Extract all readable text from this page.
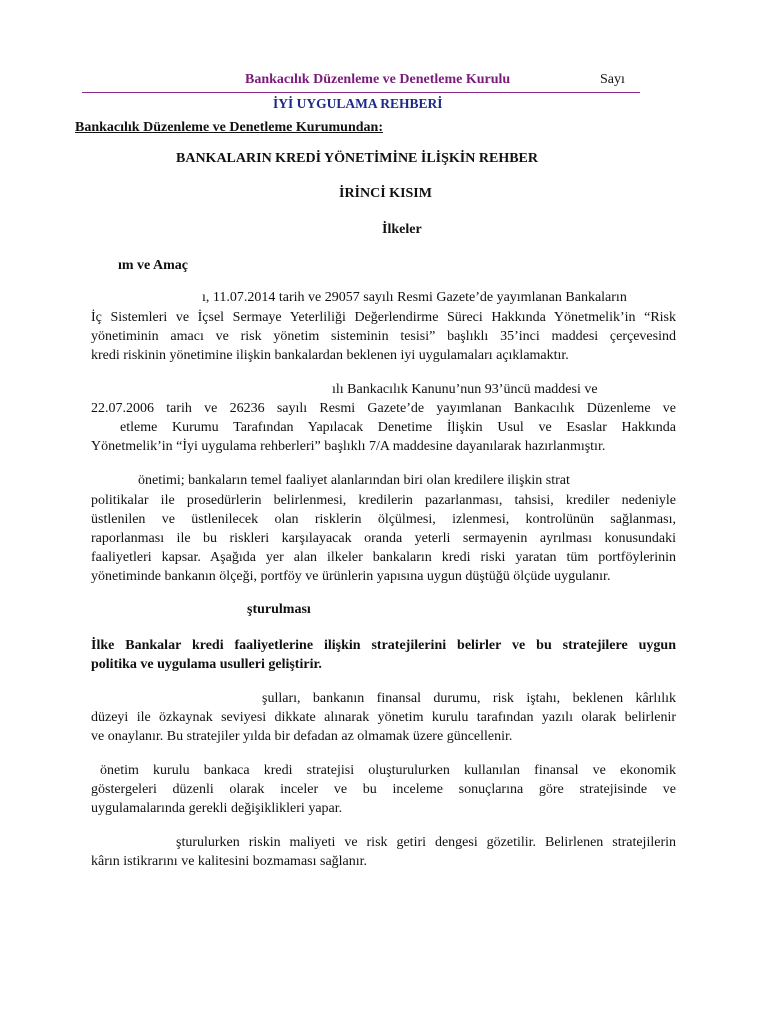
Bankacılık Düzenleme ve Denetleme Kurulu	Sayı
İYİ UYGULAMA REHBERİ
Bankacılık Düzenleme ve Denetleme Kurumundan:
BANKALARIN KREDİ YÖNETİMİNE İLİŞKİN REHBER
İRİNCİ KISIM
İlkeler
ım ve Amaç
ı, 11.07.2014 tarih ve 29057 sayılı Resmi Gazete’de yayımlanan Bankaların
İç Sistemleri ve İçsel Sermaye Yeterliliği Değerlendirme Süreci Hakkında Yönetmelik’in “Risk
yönetiminin amacı ve risk yönetim sisteminin tesisi” başlıklı 35’inci maddesi çerçevesind
kredi riskinin yönetimine ilişkin bankalardan beklenen iyi uygulamaları açıklamaktır.
ılı Bankacılık Kanunu’nun 93’üncü maddesi ve
22.07.2006 tarih ve 26236 sayılı Resmi Gazete’de yayımlanan Bankacılık Düzenleme ve
etleme Kurumu Tarafından Yapılacak Denetime İlişkin Usul ve Esaslar Hakkında
Yönetmelik’in “İyi uygulama rehberleri” başlıklı 7/A maddesine dayanılarak hazırlanmıştır.
önetimi; bankaların temel faaliyet alanlarından biri olan kredilere ilişkin strat
politikalar ile prosedürlerin belirlenmesi, kredilerin pazarlanması, tahsisi, krediler nedeniyle
üstlenilen ve üstlenilecek olan risklerin ölçülmesi, izlenmesi, kontrolünün sağlanması,
raporlanması ile bu riskleri karşılayacak oranda yeterli sermayenin ayrılması konusundaki
faaliyetleri kapsar. Aşağıda yer alan ilkeler bankaların kredi riski yaratan tüm portföylerinin
yönetiminde bankanın ölçeği, portföy ve ürünlerin yapısına uygun düştüğü ölçüde uygulanır.
şturulması
İlke Bankalar kredi faaliyetlerine ilişkin stratejilerini belirler ve bu stratejilere uygun
politika ve uygulama usulleri geliştirir.
şulları, bankanın finansal durumu, risk iştahı, beklenen kârlılık
düzeyi ile özkaynak seviyesi dikkate alınarak yönetim kurulu tarafından yazılı olarak belirlenir
ve onaylanır. Bu stratejiler yılda bir defadan az olmamak üzere güncellenir.
önetim kurulu bankaca kredi stratejisi oluşturulurken kullanılan finansal ve ekonomik
göstergeleri düzenli olarak inceler ve bu inceleme sonuçlarına göre stratejisinde ve
uygulamalarında gerekli değişiklikleri yapar.
şturulurken riskin maliyeti ve risk getiri dengesi gözetilir. Belirlenen stratejilerin
kârın istikrarını ve kalitesini bozmaması sağlanır.
